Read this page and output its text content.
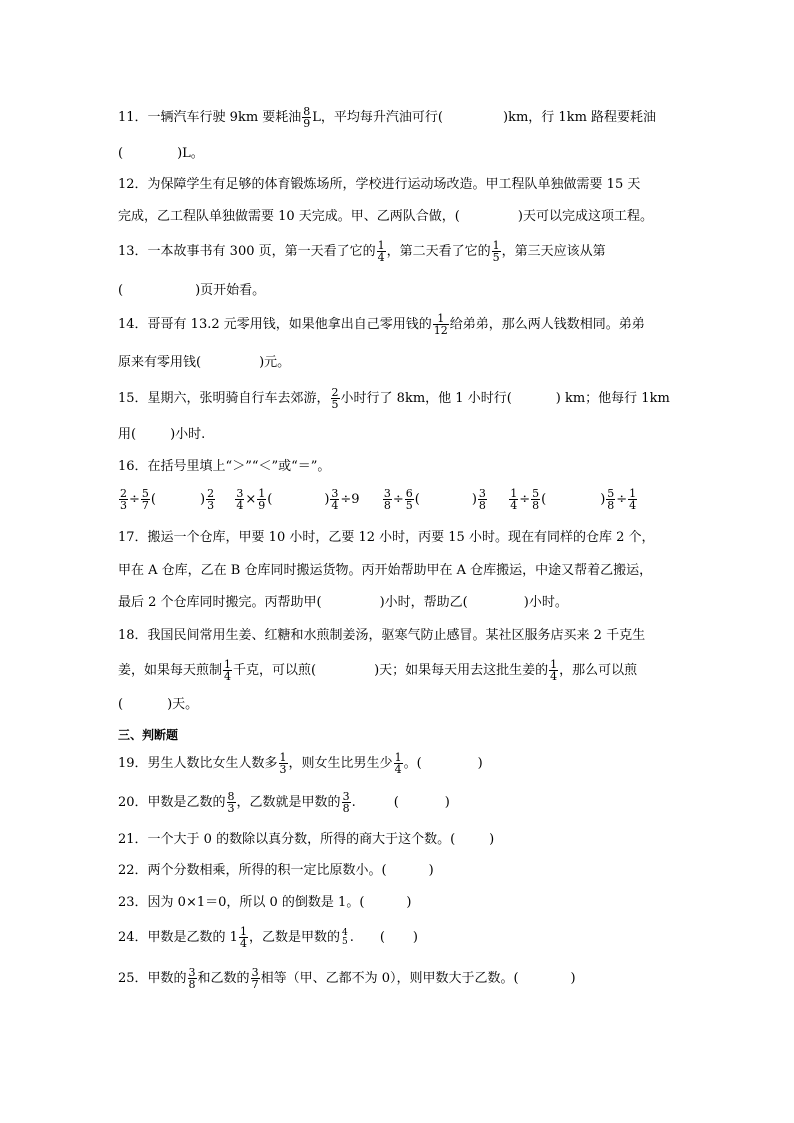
11．一辆汽车行驶 9km 要耗油 $\frac{8}{9}$ L，平均每升汽油可行(	)km，行 1km 路程要耗油
(	)L。
12．为保障学生有足够的体育锻炼场所，学校进行运动场改造。甲工程队单独做需要 15 天
完成，乙工程队单独做需要 10 天完成。甲、乙两队合做，(	)天可以完成这项工程。
13．一本故事书有 300 页，第一天看了它的 $\frac{1}{4}$ ，第二天看了它的 $\frac{1}{5}$ ，第三天应该从第
(	)页开始看。
14．哥哥有 13.2 元零用钱，如果他拿出自己零用钱的 $\frac{1}{12}$ 给弟弟，那么两人钱数相同。弟弟
原来有零用钱(	)元。
15．星期六，张明骑自行车去郊游， $\frac{2}{5}$ 小时行了 8km，他 1 小时行(	) km；他每行 1km
用(	)小时.
16．在括号里填上“＞”“＜”或“＝”。
$\frac{2}{3} \div \frac{5}{7}$ (	) $\frac{2}{3}$
$\frac{3}{4} \times \frac{1}{9}$ (	) $\frac{3}{4} \div 9 \frac{3}{8} \div \frac{6}{5}$ (	) $\frac{3}{8}$
$\frac{1}{4} \div \frac{5}{8}$ (	) $\frac{5}{8} \div \frac{1}{4}$
17．搬运一个仓库，甲要 10 小时，乙要 12 小时，丙要 15 小时。现在有同样的仓库 2 个，
甲在 A 仓库，乙在 B 仓库同时搬运货物。丙开始帮助甲在 A 仓库搬运，中途又帮着乙搬运，
最后 2 个仓库同时搬完。丙帮助甲(	)小时，帮助乙(	)小时。
18．我国民间常用生姜、红糖和水煎制姜汤，驱寒气防止感冒。某社区服务店买来 2 千克生
姜，如果每天煎制 $\frac{1}{4}$ 千克，可以煎(	)天；如果每天用去这批生姜的 $\frac{1}{4}$ ，那么可以煎
(	)天。
三、判断题
19．男生人数比女生人数多 $\frac{1}{3}$ ，则女生比男生少 $\frac{1}{4}$ 。(	)
20．甲数是乙数的 $\frac{8}{3}$ ，乙数就是甲数的 $\frac{3}{8}$ .	(	)
21．一个大于 0 的数除以真分数，所得的商大于这个数。(	)
22．两个分数相乘，所得的积一定比原数小。(	)
23．因为 0×1＝0，所以 0 的倒数是 1。(	)
24．甲数是乙数的 $1 \frac{1}{4}$ ，乙数是甲数的 4
5 . ( )
25．甲数的 $\frac{3}{8}$ 和乙数的 $\frac{3}{7}$ 相等（甲、乙都不为 0），则甲数大于乙数。(	)
